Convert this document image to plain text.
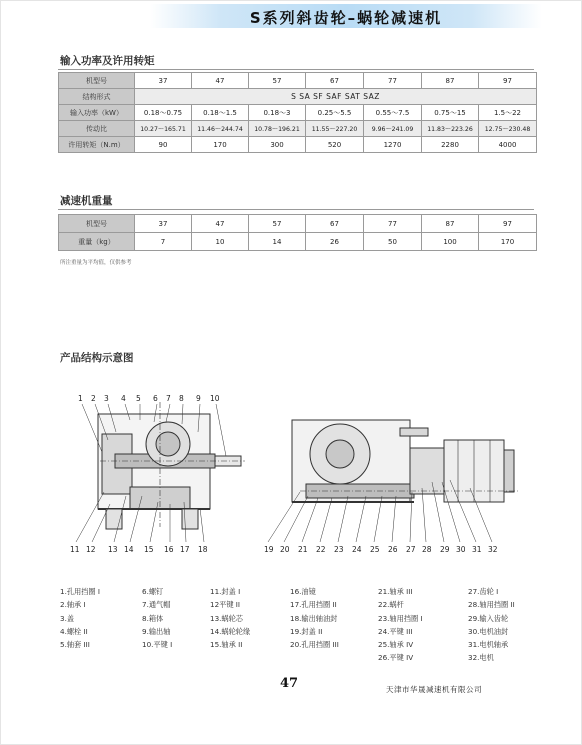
S系列斜齿轮–蜗轮减速机
输入功率及许用转矩
机型号	37	47	57	67	77	87	97
结构形式	S SA SF SAF SAT SAZ						
输入功率（kW）	0.18～0.75	0.18～1.5	0.18～3	0.25～5.5	0.55～7.5	0.75～15	1.5～22
传动比	10.27～165.71	11.46～244.74	10.78～196.21	11.55～227.20	9.96～241.09	11.83～223.26	12.75～230.48
许用转矩（N.m）	90	170	300	520	1270	2280	4000
减速机重量
机型号	37	47	57	67	77	87	97
重量（kg）	7	10	14	26	50	100	170
所注重量为平均值，仅供参考
产品结构示意图
1 2 3 4 5 6 7 8 9 10
11 12 13 14 15 16 17 18	19 20 21 22 23 24 25 26 27 28 29 30 31 32
1.孔用挡圈 I
2.轴承 I
3.盖
4.螺栓 II
5.轴套 III
6.螺钉
7.通气帽
8.箱体
9.输出轴
10.平键 I
11.封盖 I
12平键 II
13.蜗轮芯
14.蜗轮轮缘
15.轴承 II
16.油镜
17.孔用挡圈 II
18.输出轴油封
19.封盖 II
20.孔用挡圈 III
21.轴承 III
22.蜗杆
23.轴用挡圈 I
24.平键 III
25.轴承 IV
26.平键 IV
27.齿轮 I
28.轴用挡圈 II
29.输入齿轮
30.电机油封
31.电机轴承
32.电机
47	天津市华晟减速机有限公司
